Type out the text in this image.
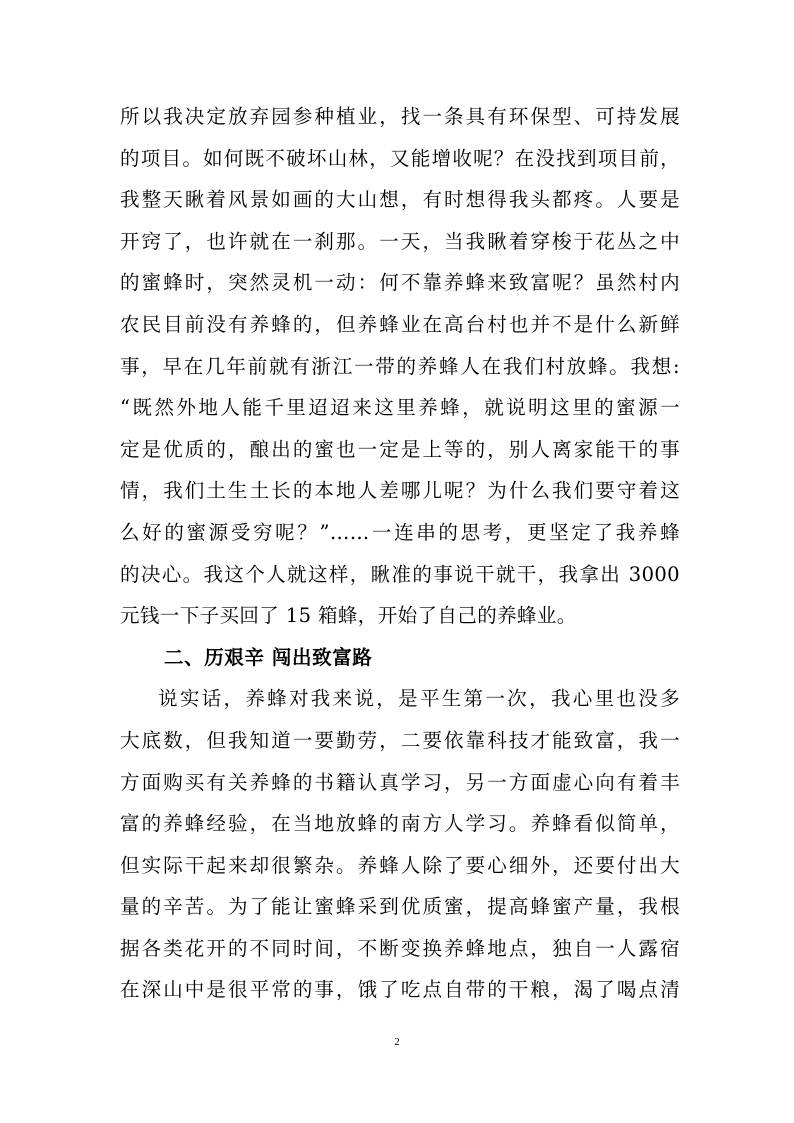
所以我决定放弃园参种植业，找一条具有环保型、可持发展
的项目。如何既不破坏山林，又能增收呢？在没找到项目前，
我整天瞅着风景如画的大山想，有时想得我头都疼。人要是
开窍了，也许就在一刹那。一天，当我瞅着穿梭于花丛之中
的蜜蜂时，突然灵机一动：何不靠养蜂来致富呢？虽然村内
农民目前没有养蜂的，但养蜂业在高台村也并不是什么新鲜
事，早在几年前就有浙江一带的养蜂人在我们村放蜂。我想:
“既然外地人能千里迢迢来这里养蜂，就说明这里的蜜源一
定是优质的，酿出的蜜也一定是上等的，别人离家能干的事
情，我们土生土长的本地人差哪儿呢？为什么我们要守着这
么好的蜜源受穷呢？”……一连串的思考，更坚定了我养蜂
的决心。我这个人就这样，瞅准的事说干就干，我拿出 3000
元钱一下子买回了 15 箱蜂，开始了自己的养蜂业。
二、历艰辛 闯出致富路
说实话，养蜂对我来说，是平生第一次，我心里也没多
大底数，但我知道一要勤劳，二要依靠科技才能致富，我一
方面购买有关养蜂的书籍认真学习，另一方面虚心向有着丰
富的养蜂经验，在当地放蜂的南方人学习。养蜂看似简单，
但实际干起来却很繁杂。养蜂人除了要心细外，还要付出大
量的辛苦。为了能让蜜蜂采到优质蜜，提高蜂蜜产量，我根
据各类花开的不同时间，不断变换养蜂地点，独自一人露宿
在深山中是很平常的事，饿了吃点自带的干粮，渴了喝点清
2
